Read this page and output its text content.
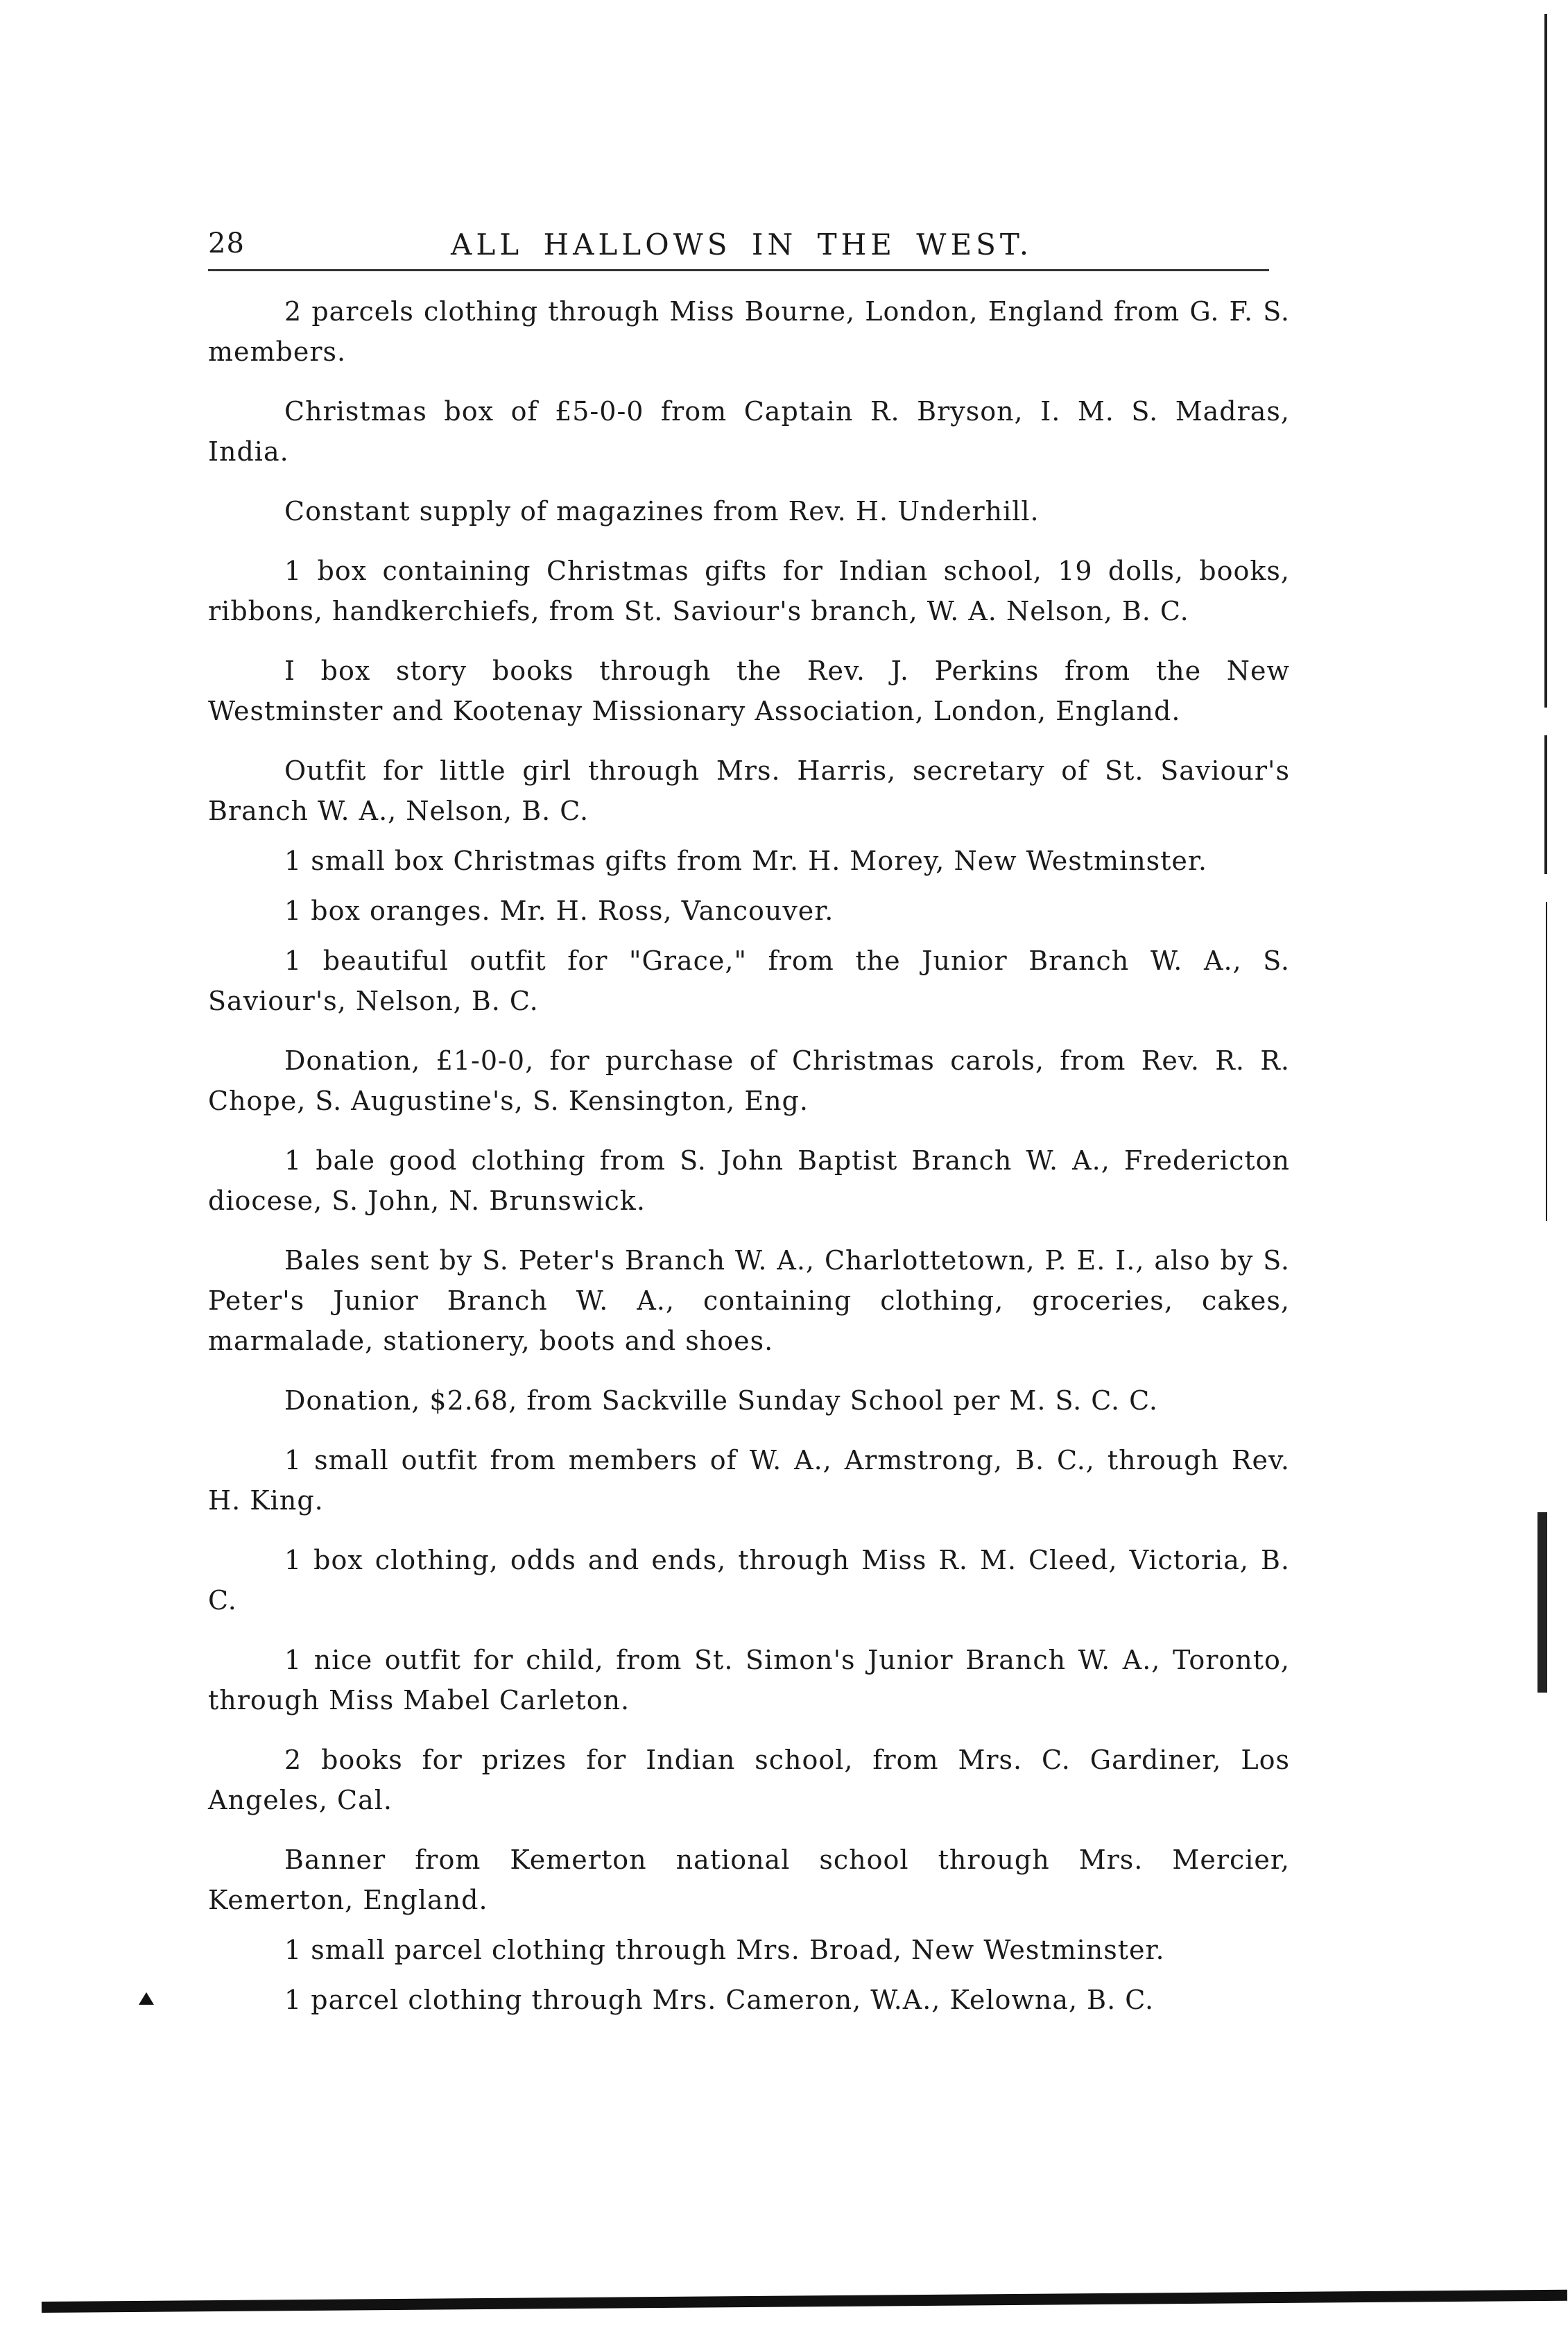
28	ALL HALLOWS IN THE WEST.

2 parcels clothing through Miss Bourne, London, England from G. F. S. members.

Christmas box of £5-0-0 from Captain R. Bryson, I. M. S. Madras, India.

Constant supply of magazines from Rev. H. Underhill.

1 box containing Christmas gifts for Indian school, 19 dolls, books, ribbons, handkerchiefs, from St. Saviour's branch, W. A. Nelson, B. C.

I box story books through the Rev. J. Perkins from the New Westminster and Kootenay Missionary Association, London, England.

Outfit for little girl through Mrs. Harris, secretary of St. Saviour's Branch W. A., Nelson, B. C.

1 small box Christmas gifts from Mr. H. Morey, New Westminster.

1 box oranges. Mr. H. Ross, Vancouver.

1 beautiful outfit for "Grace," from the Junior Branch W. A., S. Saviour's, Nelson, B. C.

Donation, £1-0-0, for purchase of Christmas carols, from Rev. R. R. Chope, S. Augustine's, S. Kensington, Eng.

1 bale good clothing from S. John Baptist Branch W. A., Fredericton diocese, S. John, N. Brunswick.

Bales sent by S. Peter's Branch W. A., Charlottetown, P. E. I., also by S. Peter's Junior Branch W. A., containing clothing, groceries, cakes, marmalade, stationery, boots and shoes.

Donation, $2.68, from Sackville Sunday School per M. S. C. C.

1 small outfit from members of W. A., Armstrong, B. C., through Rev. H. King.

1 box clothing, odds and ends, through Miss R. M. Cleed, Victoria, B. C.

1 nice outfit for child, from St. Simon's Junior Branch W. A., Toronto, through Miss Mabel Carleton.

2 books for prizes for Indian school, from Mrs. C. Gardiner, Los Angeles, Cal.

Banner from Kemerton national school through Mrs. Mercier, Kemerton, England.

1 small parcel clothing through Mrs. Broad, New Westminster.

1 parcel clothing through Mrs. Cameron, W.A., Kelowna, B. C.
